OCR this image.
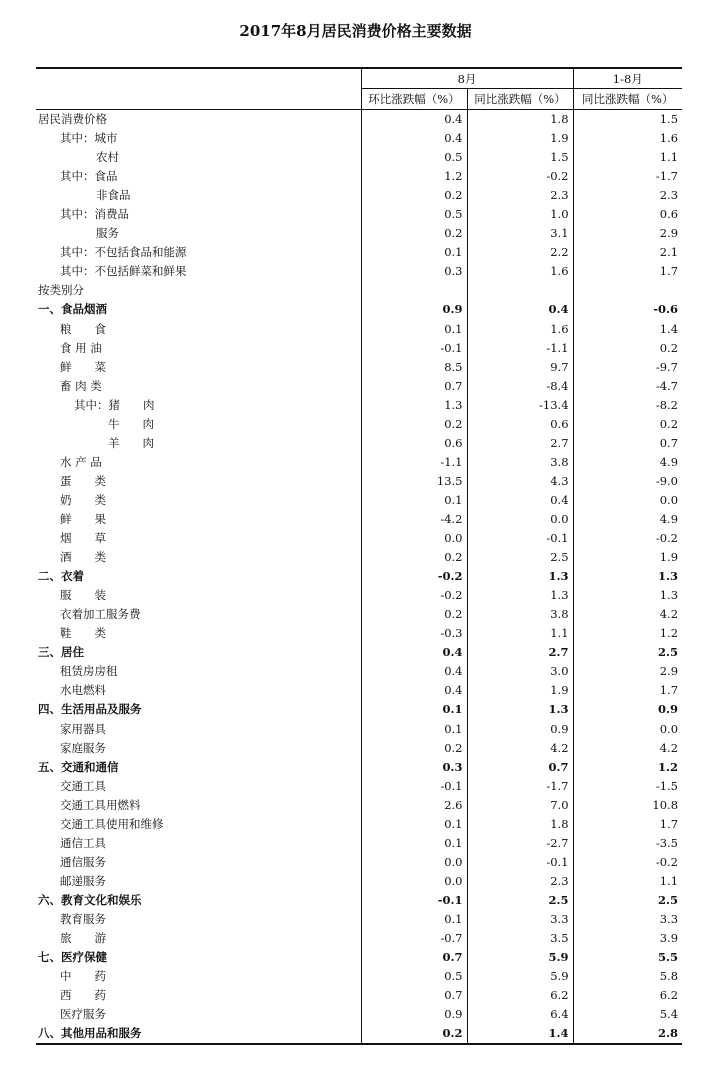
2017年8月居民消费价格主要数据
	8月		1-8月
	环比涨跌幅（%）	同比涨跌幅（%）	同比涨跌幅（%）
居民消费价格	0.4	1.8	1.5
其中：城市	0.4	1.9	1.6
农村	0.5	1.5	1.1
其中：食品	1.2	-0.2	-1.7
非食品	0.2	2.3	2.3
其中：消费品	0.5	1.0	0.6
服务	0.2	3.1	2.9
其中：不包括食品和能源	0.1	2.2	2.1
其中：不包括鲜菜和鲜果	0.3	1.6	1.7
按类别分			
一、食品烟酒	0.9	0.4	-0.6
粮　　食	0.1	1.6	1.4
食 用 油	-0.1	-1.1	0.2
鲜　　菜	8.5	9.7	-9.7
畜 肉 类	0.7	-8.4	-4.7
其中：猪　　肉	1.3	-13.4	-8.2
牛　　肉	0.2	0.6	0.2
羊　　肉	0.6	2.7	0.7
水 产 品	-1.1	3.8	4.9
蛋　　类	13.5	4.3	-9.0
奶　　类	0.1	0.4	0.0
鲜　　果	-4.2	0.0	4.9
烟　　草	0.0	-0.1	-0.2
酒　　类	0.2	2.5	1.9
二、衣着	-0.2	1.3	1.3
服　　装	-0.2	1.3	1.3
衣着加工服务费	0.2	3.8	4.2
鞋　　类	-0.3	1.1	1.2
三、居住	0.4	2.7	2.5
租赁房房租	0.4	3.0	2.9
水电燃料	0.4	1.9	1.7
四、生活用品及服务	0.1	1.3	0.9
家用器具	0.1	0.9	0.0
家庭服务	0.2	4.2	4.2
五、交通和通信	0.3	0.7	1.2
交通工具	-0.1	-1.7	-1.5
交通工具用燃料	2.6	7.0	10.8
交通工具使用和维修	0.1	1.8	1.7
通信工具	0.1	-2.7	-3.5
通信服务	0.0	-0.1	-0.2
邮递服务	0.0	2.3	1.1
六、教育文化和娱乐	-0.1	2.5	2.5
教育服务	0.1	3.3	3.3
旅　　游	-0.7	3.5	3.9
七、医疗保健	0.7	5.9	5.5
中　　药	0.5	5.9	5.8
西　　药	0.7	6.2	6.2
医疗服务	0.9	6.4	5.4
八、其他用品和服务	0.2	1.4	2.8
